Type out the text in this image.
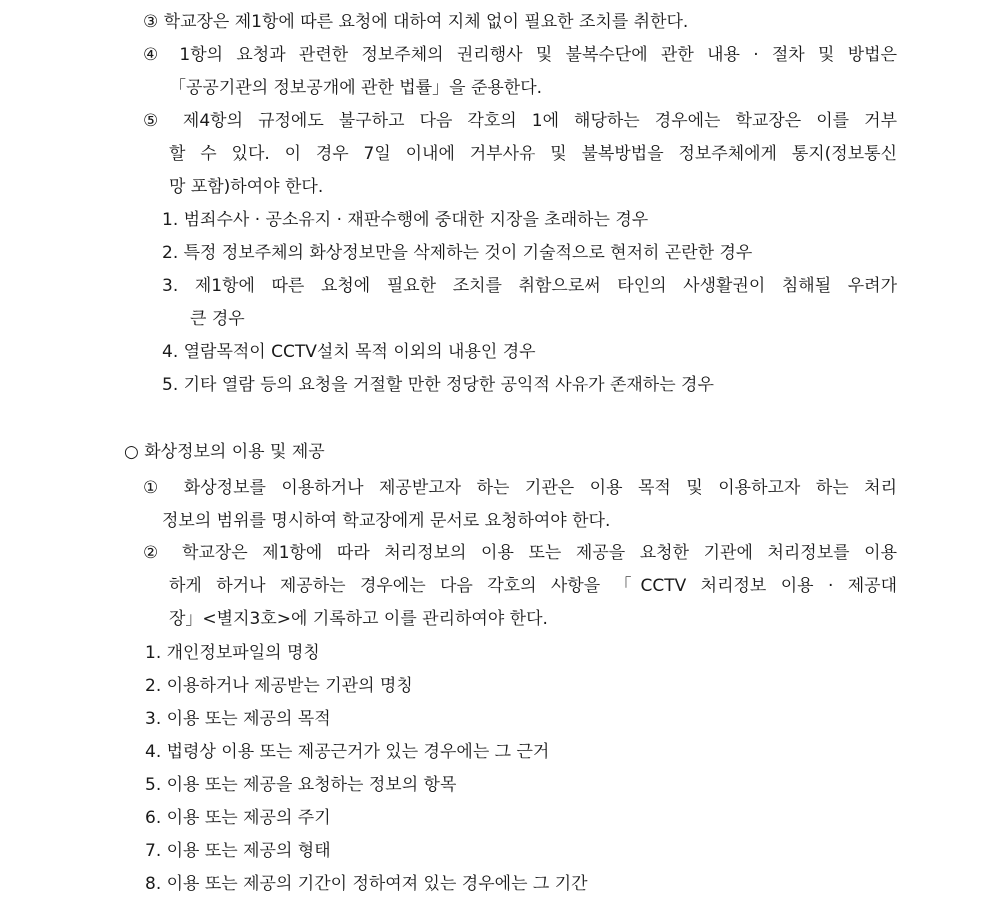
③ 학교장은 제1항에 따른 요청에 대하여 지체 없이 필요한 조치를 취한다.
④ 1항의 요청과 관련한 정보주체의 권리행사 및 불복수단에 관한 내용 · 절차 및 방법은
「공공기관의 정보공개에 관한 법률」을 준용한다.
⑤ 제4항의 규정에도 불구하고 다음 각호의 1에 해당하는 경우에는 학교장은 이를 거부
할 수 있다. 이 경우 7일 이내에 거부사유 및 불복방법을 정보주체에게 통지(정보통신
망 포함)하여야 한다.
1. 범죄수사 · 공소유지 · 재판수행에 중대한 지장을 초래하는 경우
2. 특정 정보주체의 화상정보만을 삭제하는 것이 기술적으로 현저히 곤란한 경우
3. 제1항에 따른 요청에 필요한 조치를 취함으로써 타인의 사생활권이 침해될 우려가
큰 경우
4. 열람목적이 CCTV설치 목적 이외의 내용인 경우
5. 기타 열람 등의 요청을 거절할 만한 정당한 공익적 사유가 존재하는 경우
○ 화상정보의 이용 및 제공
① 화상정보를 이용하거나 제공받고자 하는 기관은 이용 목적 및 이용하고자 하는 처리
정보의 범위를 명시하여 학교장에게 문서로 요청하여야 한다.
② 학교장은 제1항에 따라 처리정보의 이용 또는 제공을 요청한 기관에 처리정보를 이용
하게 하거나 제공하는 경우에는 다음 각호의 사항을 「CCTV 처리정보 이용 · 제공대
장」<별지3호>에 기록하고 이를 관리하여야 한다.
1. 개인정보파일의 명칭
2. 이용하거나 제공받는 기관의 명칭
3. 이용 또는 제공의 목적
4. 법령상 이용 또는 제공근거가 있는 경우에는 그 근거
5. 이용 또는 제공을 요청하는 정보의 항목
6. 이용 또는 제공의 주기
7. 이용 또는 제공의 형태
8. 이용 또는 제공의 기간이 정하여져 있는 경우에는 그 기간
